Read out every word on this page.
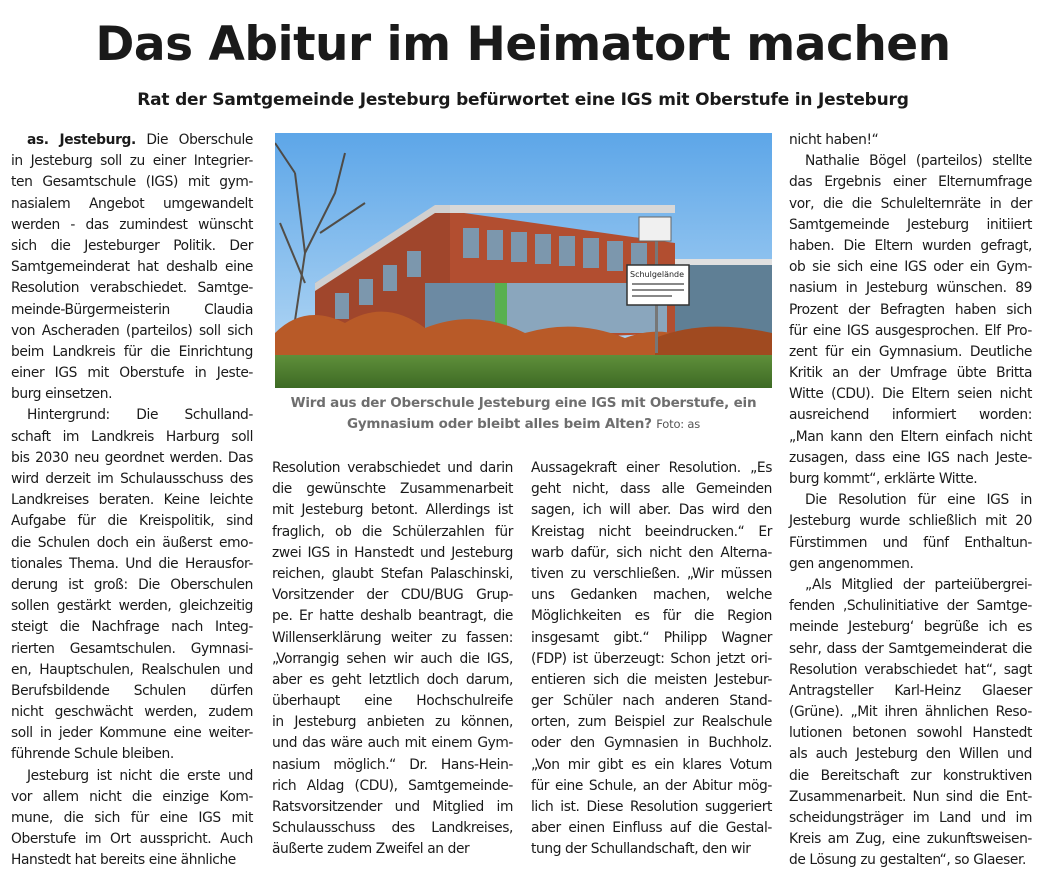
Das Abitur im Heimatort machen
Rat der Samtgemeinde Jesteburg befürwortet eine IGS mit Oberstufe in Jesteburg
as. Jesteburg. Die Oberschule
in Jesteburg soll zu einer Integrier-
ten Gesamtschule (IGS) mit gym-
nasialem Angebot umgewandelt
werden - das zumindest wünscht
sich die Jesteburger Politik. Der
Samtgemeinderat hat deshalb eine
Resolution verabschiedet. Samtge-
meinde-Bürgermeisterin Claudia
von Ascheraden (parteilos) soll sich
beim Landkreis für die Einrichtung
einer IGS mit Oberstufe in Jeste-
burg einsetzen.
Hintergrund: Die Schulland-
schaft im Landkreis Harburg soll
bis 2030 neu geordnet werden. Das
wird derzeit im Schulausschuss des
Landkreises beraten. Keine leichte
Aufgabe für die Kreispolitik, sind
die Schulen doch ein äußerst emo-
tionales Thema. Und die Herausfor-
derung ist groß: Die Oberschulen
sollen gestärkt werden, gleichzeitig
steigt die Nachfrage nach Integ-
rierten Gesamtschulen. Gymnasi-
en, Hauptschulen, Realschulen und
Berufsbildende Schulen dürfen
nicht geschwächt werden, zudem
soll in jeder Kommune eine weiter-
führende Schule bleiben.
Jesteburg ist nicht die erste und
vor allem nicht die einzige Kom-
mune, die sich für eine IGS mit
Oberstufe im Ort ausspricht. Auch
Hanstedt hat bereits eine ähnliche
Resolution verabschiedet und darin
die gewünschte Zusammenarbeit
mit Jesteburg betont. Allerdings ist
fraglich, ob die Schülerzahlen für
zwei IGS in Hanstedt und Jesteburg
reichen, glaubt Stefan Palaschinski,
Vorsitzender der CDU/BUG Grup-
pe. Er hatte deshalb beantragt, die
Willenserklärung weiter zu fassen:
„Vorrangig sehen wir auch die IGS,
aber es geht letztlich doch darum,
überhaupt eine Hochschulreife
in Jesteburg anbieten zu können,
und das wäre auch mit einem Gym-
nasium möglich.“ Dr. Hans-Hein-
rich Aldag (CDU), Samtgemeinde-
Ratsvorsitzender und Mitglied im
Schulausschuss des Landkreises,
äußerte zudem Zweifel an der
Aussagekraft einer Resolution. „Es
geht nicht, dass alle Gemeinden
sagen, ich will aber. Das wird den
Kreistag nicht beeindrucken.“ Er
warb dafür, sich nicht den Alterna-
tiven zu verschließen. „Wir müssen
uns Gedanken machen, welche
Möglichkeiten es für die Region
insgesamt gibt.“ Philipp Wagner
(FDP) ist überzeugt: Schon jetzt ori-
entieren sich die meisten Jestebur-
ger Schüler nach anderen Stand-
orten, zum Beispiel zur Realschule
oder den Gymnasien in Buchholz.
„Von mir gibt es ein klares Votum
für eine Schule, an der Abitur mög-
lich ist. Diese Resolution suggeriert
aber einen Einfluss auf die Gestal-
tung der Schullandschaft, den wir
nicht haben!“
Nathalie Bögel (parteilos) stellte
das Ergebnis einer Elternumfrage
vor, die die Schulelternräte in der
Samtgemeinde Jesteburg initiiert
haben. Die Eltern wurden gefragt,
ob sie sich eine IGS oder ein Gym-
nasium in Jesteburg wünschen. 89
Prozent der Befragten haben sich
für eine IGS ausgesprochen. Elf Pro-
zent für ein Gymnasium. Deutliche
Kritik an der Umfrage übte Britta
Witte (CDU). Die Eltern seien nicht
ausreichend informiert worden:
„Man kann den Eltern einfach nicht
zusagen, dass eine IGS nach Jeste-
burg kommt“, erklärte Witte.
Die Resolution für eine IGS in
Jesteburg wurde schließlich mit 20
Fürstimmen und fünf Enthaltun-
gen angenommen.
„Als Mitglied der parteiübergrei-
fenden ‚Schulinitiative der Samtge-
meinde Jesteburg‘ begrüße ich es
sehr, dass der Samtgemeinderat die
Resolution verabschiedet hat“, sagt
Antragsteller Karl-Heinz Glaeser
(Grüne). „Mit ihren ähnlichen Reso-
lutionen betonen sowohl Hanstedt
als auch Jesteburg den Willen und
die Bereitschaft zur konstruktiven
Zusammenarbeit. Nun sind die Ent-
scheidungsträger im Land und im
Kreis am Zug, eine zukunftsweisen-
de Lösung zu gestalten“, so Glaeser.
Schulgelände

Wird aus der Oberschule Jesteburg eine IGS mit Oberstufe, ein Gymnasium oder bleibt alles beim Alten? Foto: as
